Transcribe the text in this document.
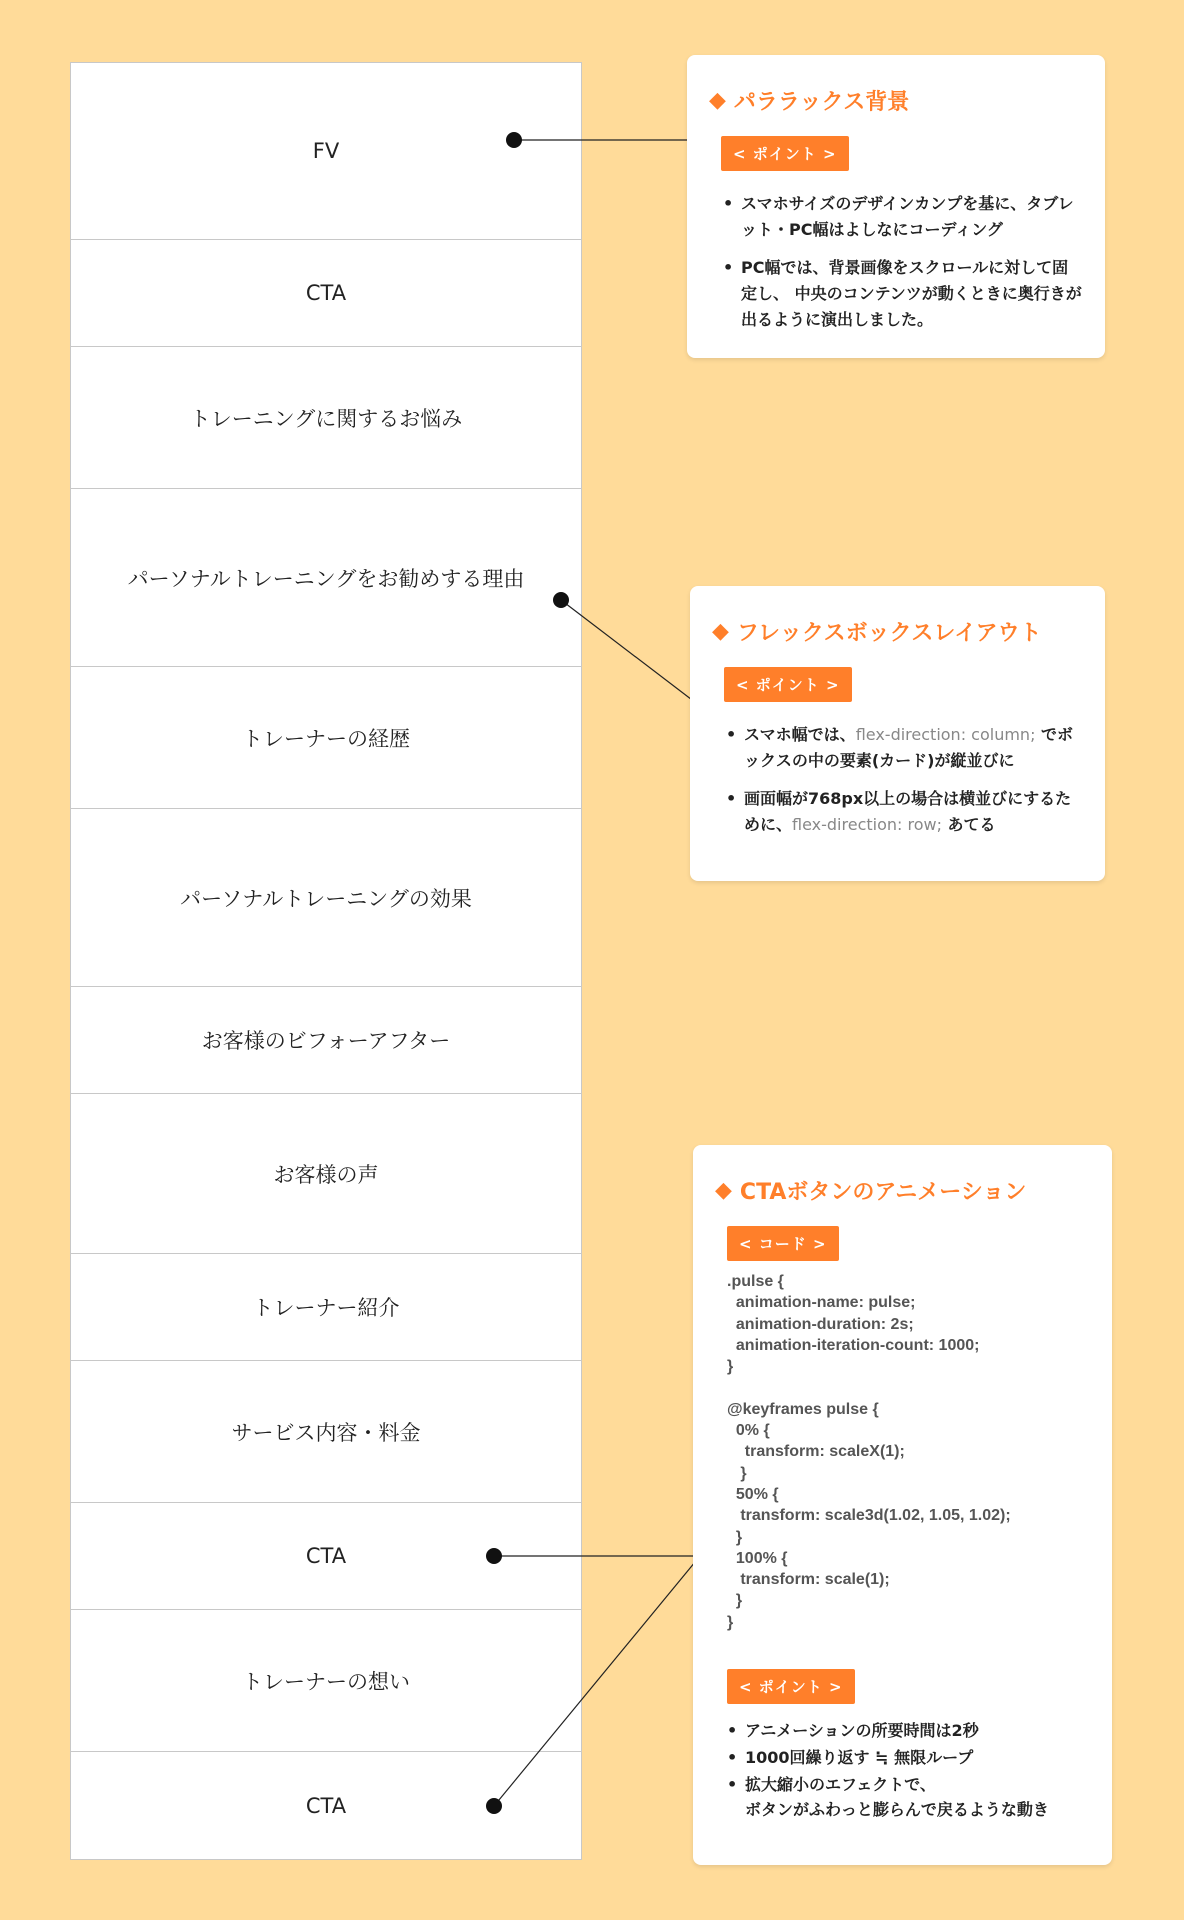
FV
CTA
トレーニングに関するお悩み
パーソナルトレーニングをお勧めする理由
トレーナーの経歴
パーソナルトレーニングの効果
お客様のビフォーアフター
お客様の声
トレーナー紹介
サービス内容・料金
CTA
トレーナーの想い
CTA
◆ パララックス背景
< ポイント >
• スマホサイズのデザインカンプを基に、タブレット・PC幅はよしなにコーディング
• PC幅では、背景画像をスクロールに対して固定し、 中央のコンテンツが動くときに奥行きが出るように演出しました。
◆ フレックスボックスレイアウト
< ポイント >
• スマホ幅では、flex-direction: column; でボックスの中の要素(カード)が縦並びに
• 画面幅が768px以上の場合は横並びにするために、flex-direction: row; あてる
◆ CTAボタンのアニメーション
< コード >
.pulse {
animation-name: pulse;
animation-duration: 2s;
animation-iteration-count: 1000;
}

@keyframes pulse {
0% {
transform: scaleX(1);
}
50% {
transform: scale3d(1.02, 1.05, 1.02);
}
100% {
transform: scale(1);
}
}
< ポイント >
• アニメーションの所要時間は2秒
• 1000回繰り返す ≒ 無限ループ
• 拡大縮小のエフェクトで、
ボタンがふわっと膨らんで戻るような動き
